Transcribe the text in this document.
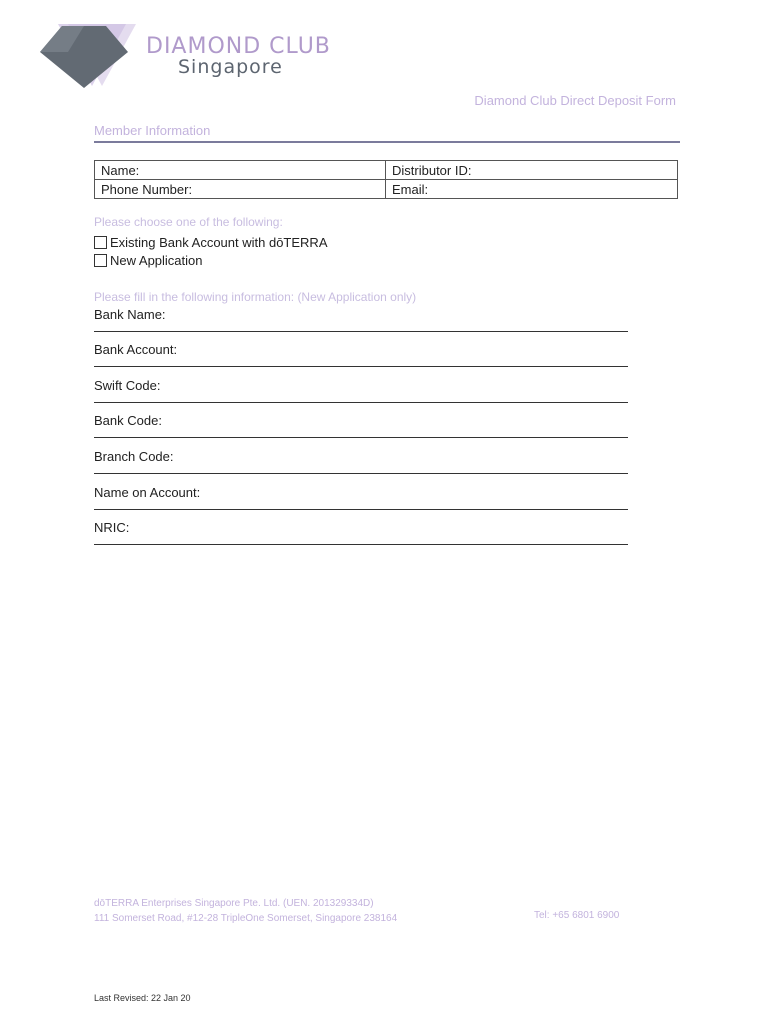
DIAMOND CLUB
Singapore
Diamond Club Direct Deposit Form
Member Information
Name:	Distributor ID:
Phone Number:	Email:
Please choose one of the following:
Existing Bank Account with dōTERRA
New Application
Please fill in the following information: (New Application only)
Bank Name:
Bank Account:
Swift Code:
Bank Code:
Branch Code:
Name on Account:
NRIC:
dōTERRA Enterprises Singapore Pte. Ltd. (UEN. 201329334D)
111 Somerset Road, #12-28 TripleOne Somerset, Singapore 238164	Tel: +65 6801 6900
Last Revised: 22 Jan 20
